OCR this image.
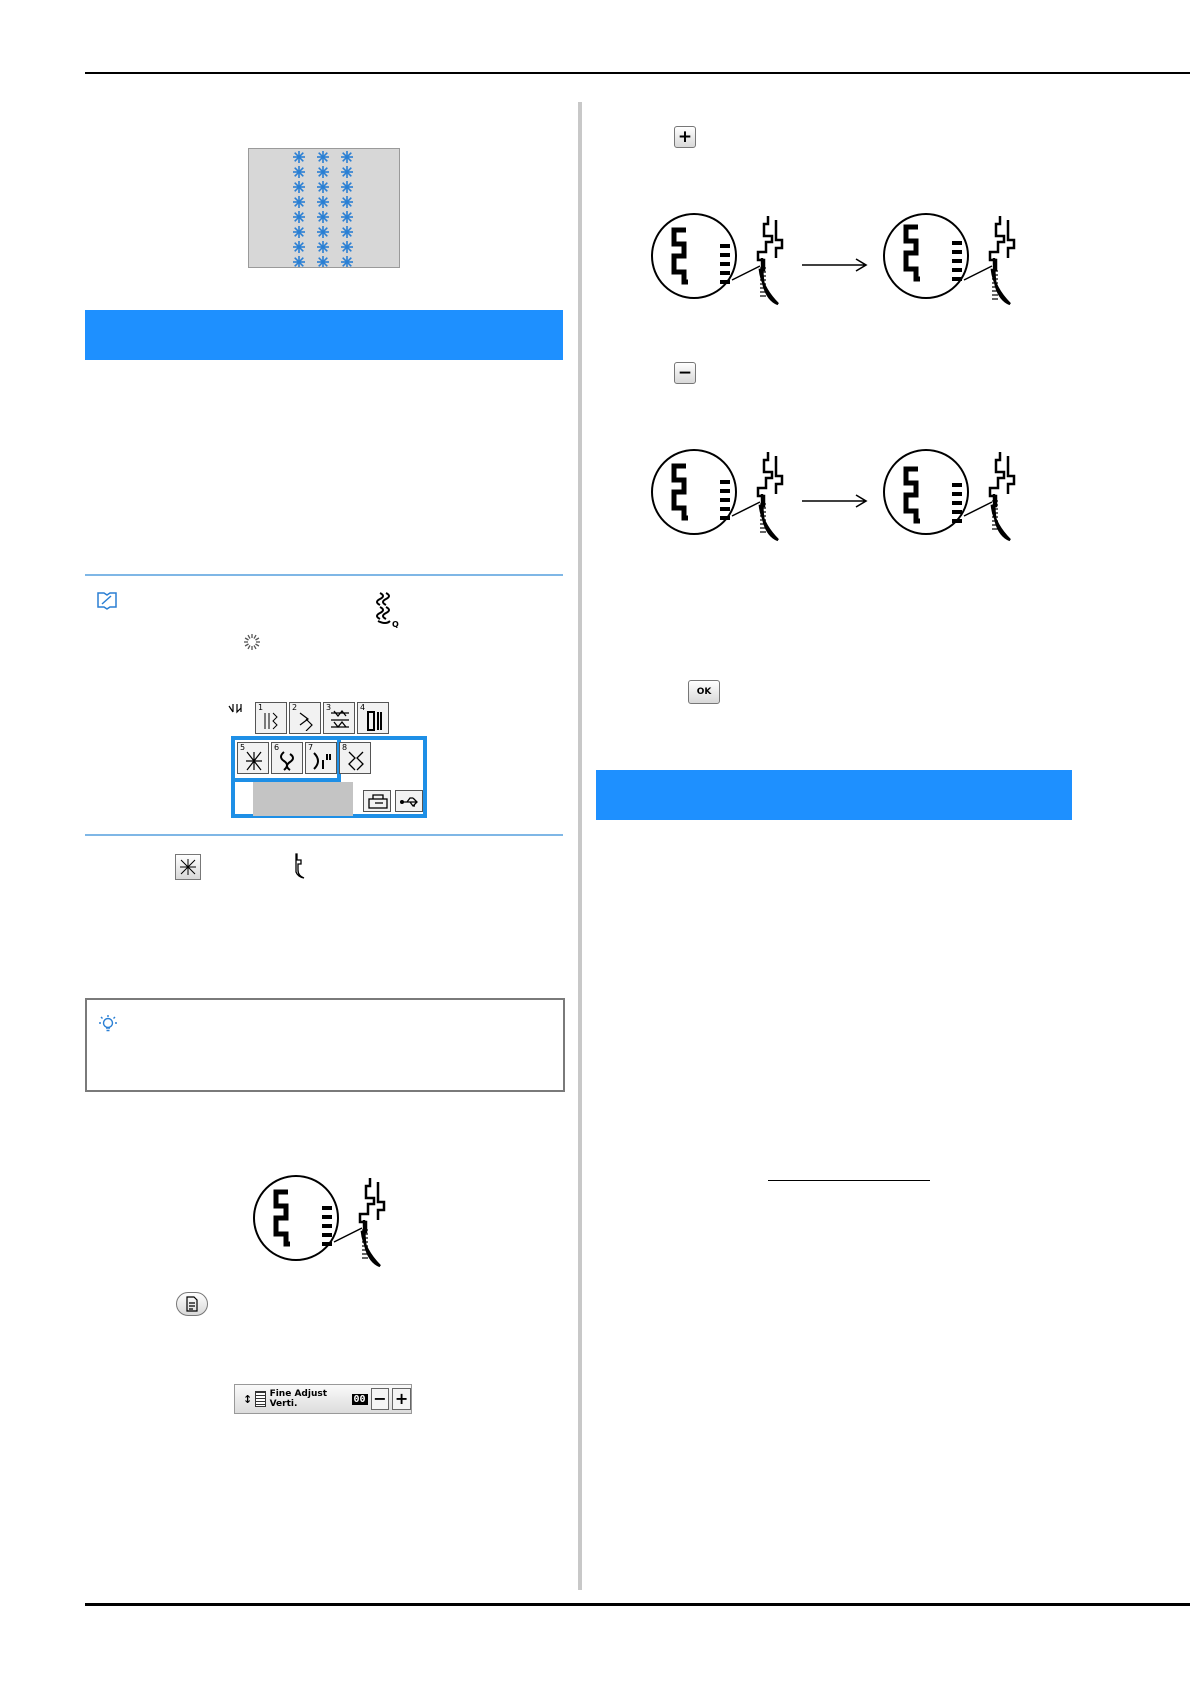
Q
1	2	3	4
5	6	7	8
↕ Fine Adjust Verti.	00 − +
+
−
OK
